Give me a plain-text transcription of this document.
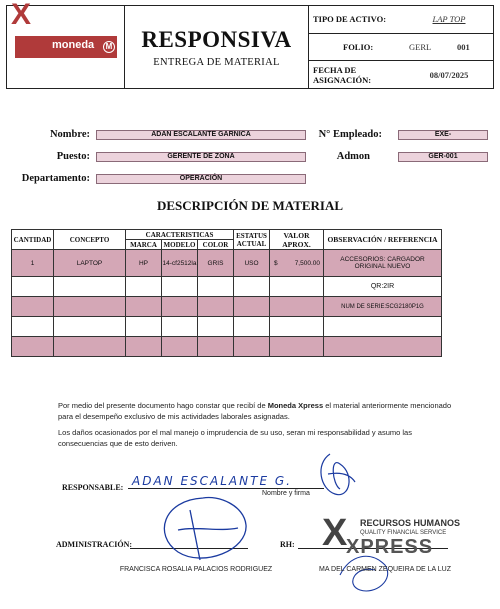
moneda	M
X
RESPONSIVA
ENTREGA DE MATERIAL
TIPO DE ACTIVO:	LAP TOP
FOLIO:	GERL	001
FECHA DE ASIGNACIÓN:	08/07/2025
Nombre:	ADAN ESCALANTE GARNICA	N° Empleado:	EXE-
Puesto:	GERENTE DE ZONA	Admon	GER-001
Departamento:	OPERACIÓN
DESCRIPCIÓN DE MATERIAL
CANTIDAD	CONCEPTO	CARACTERISTICAS			ESTATUS ACTUAL	VALOR APROX.	OBSERVACIÓN / REFERENCIA
		MARCA	MODELO	COLOR			
1	LAPTOP	HP	14-cf2512la	GRIS	USO	$ 7,500.00	ACCESORIOS: CARGADOR ORIGINAL NUEVO
							QR:2IR
							NUM DE SERIE:5CG2180P1G

Por medio del presente documento hago constar que recibí de Moneda Xpress el material anteriormente mencionado para el desempeño exclusivo de mis actividades laborales asignadas.
Los daños ocasionados por el mal manejo o imprudencia de su uso, seran mi responsabilidad y asumo las consecuencias que de esto deriven.
RESPONSABLE: ADAN ESCALANTE G.
Nombre y firma
ADMINISTRACIÓN:	RH: X RECURSOS HUMANOS
QUALITY FINANCIAL SERVICE
XPRESS
FRANCISCA ROSALIA PALACIOS RODRIGUEZ	MA DEL CARMEN ZEQUEIRA DE LA LUZ
